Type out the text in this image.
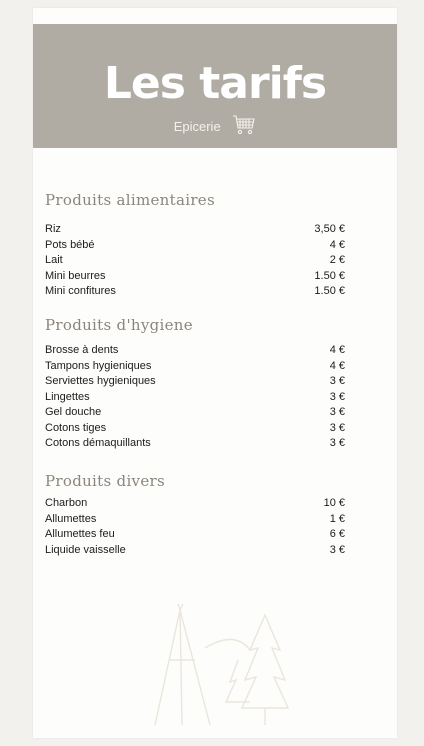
Les tarifs
Epicerie
Produits alimentaires
Riz	3,50 €
Pots bébé	4 €
Lait	2 €
Mini beurres	1.50 €
Mini confitures	1.50 €
Produits d'hygiene
Brosse à dents	4 €
Tampons hygieniques	4 €
Serviettes hygieniques	3 €
Lingettes	3 €
Gel douche	3 €
Cotons tiges	3 €
Cotons démaquillants	3 €
Produits divers
Charbon	10 €
Allumettes	1 €
Allumettes feu	6 €
Liquide vaisselle	3 €
